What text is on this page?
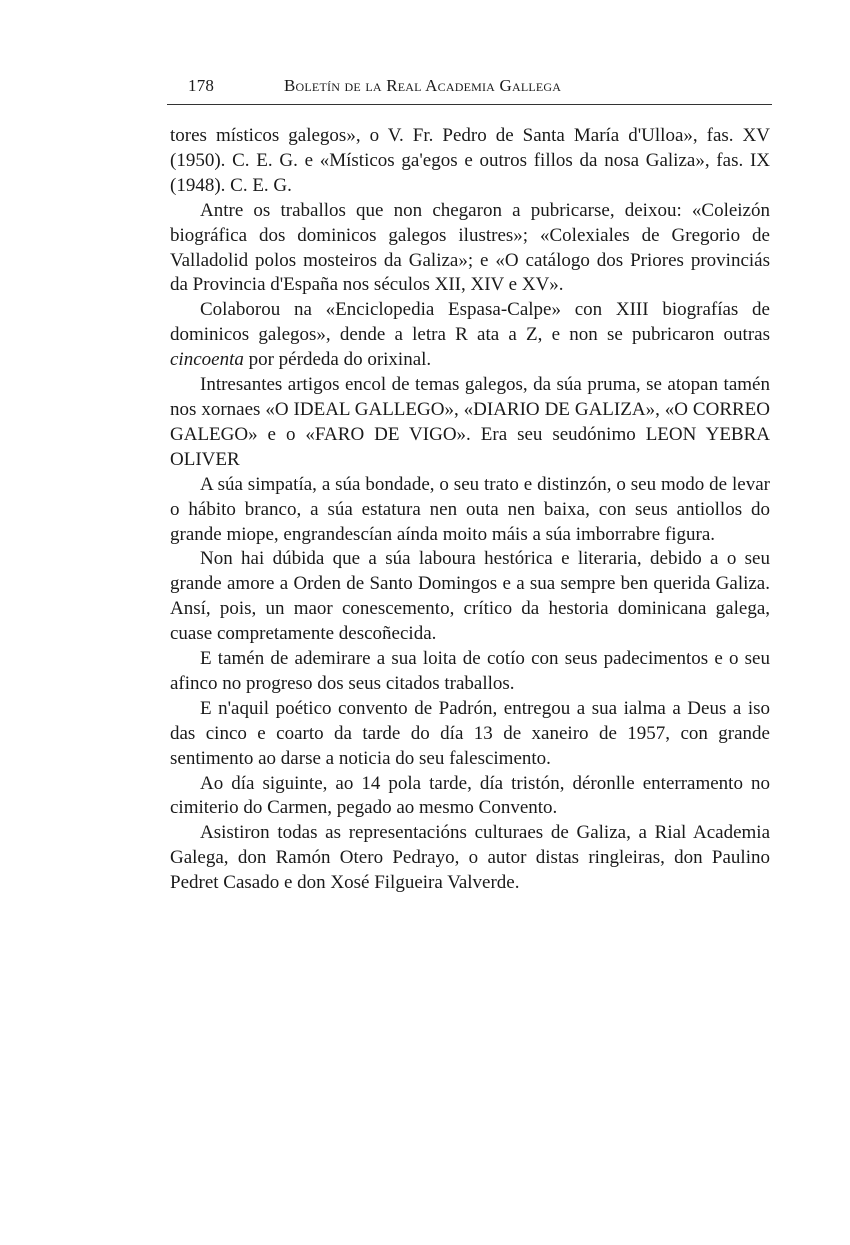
178	Boletín de la Real Academia Gallega

tores místicos galegos», o V. Fr. Pedro de Santa María d'Ulloa», fas. XV (1950). C. E. G. e «Místicos ga'egos e outros fillos da nosa Galiza», fas. IX (1948). C. E. G.

Antre os traballos que non chegaron a pubricarse, deixou: «Coleizón biográfica dos dominicos galegos ilustres»; «Colexiales de Gregorio de Valladolid polos mosteiros da Galiza»; e «O catálogo dos Priores provinciás da Provincia d'España nos séculos XII, XIV e XV».

Colaborou na «Enciclopedia Espasa-Calpe» con XIII biografías de dominicos galegos», dende a letra R ata a Z, e non se pubricaron outras cincoenta por pérdeda do orixinal.

Intresantes artigos encol de temas galegos, da súa pruma, se atopan tamén nos xornaes «O IDEAL GALLEGO», «DIARIO DE GALIZA», «O CORREO GALEGO» e o «FARO DE VIGO». Era seu seudónimo LEON YEBRA OLIVER

A súa simpatía, a súa bondade, o seu trato e distinzón, o seu modo de levar o hábito branco, a súa estatura nen outa nen baixa, con seus antiollos do grande miope, engrandescían aínda moito máis a súa imborrabre figura.

Non hai dúbida que a súa laboura hestórica e literaria, debido a o seu grande amore a Orden de Santo Domingos e a sua sempre ben querida Galiza. Ansí, pois, un maor conescemento, crítico da hestoria dominicana galega, cuase compretamente descoñecida.

E tamén de ademirare a sua loita de cotío con seus padecimentos e o seu afinco no progreso dos seus citados traballos.

E n'aquil poético convento de Padrón, entregou a sua ialma a Deus a iso das cinco e coarto da tarde do día 13 de xaneiro de 1957, con grande sentimento ao darse a noticia do seu falescimento.

Ao día siguinte, ao 14 pola tarde, día tristón, déronlle enterramento no cimiterio do Carmen, pegado ao mesmo Convento.

Asistiron todas as representacións culturaes de Galiza, a Rial Academia Galega, don Ramón Otero Pedrayo, o autor distas ringleiras, don Paulino Pedret Casado e don Xosé Filgueira Valverde.
